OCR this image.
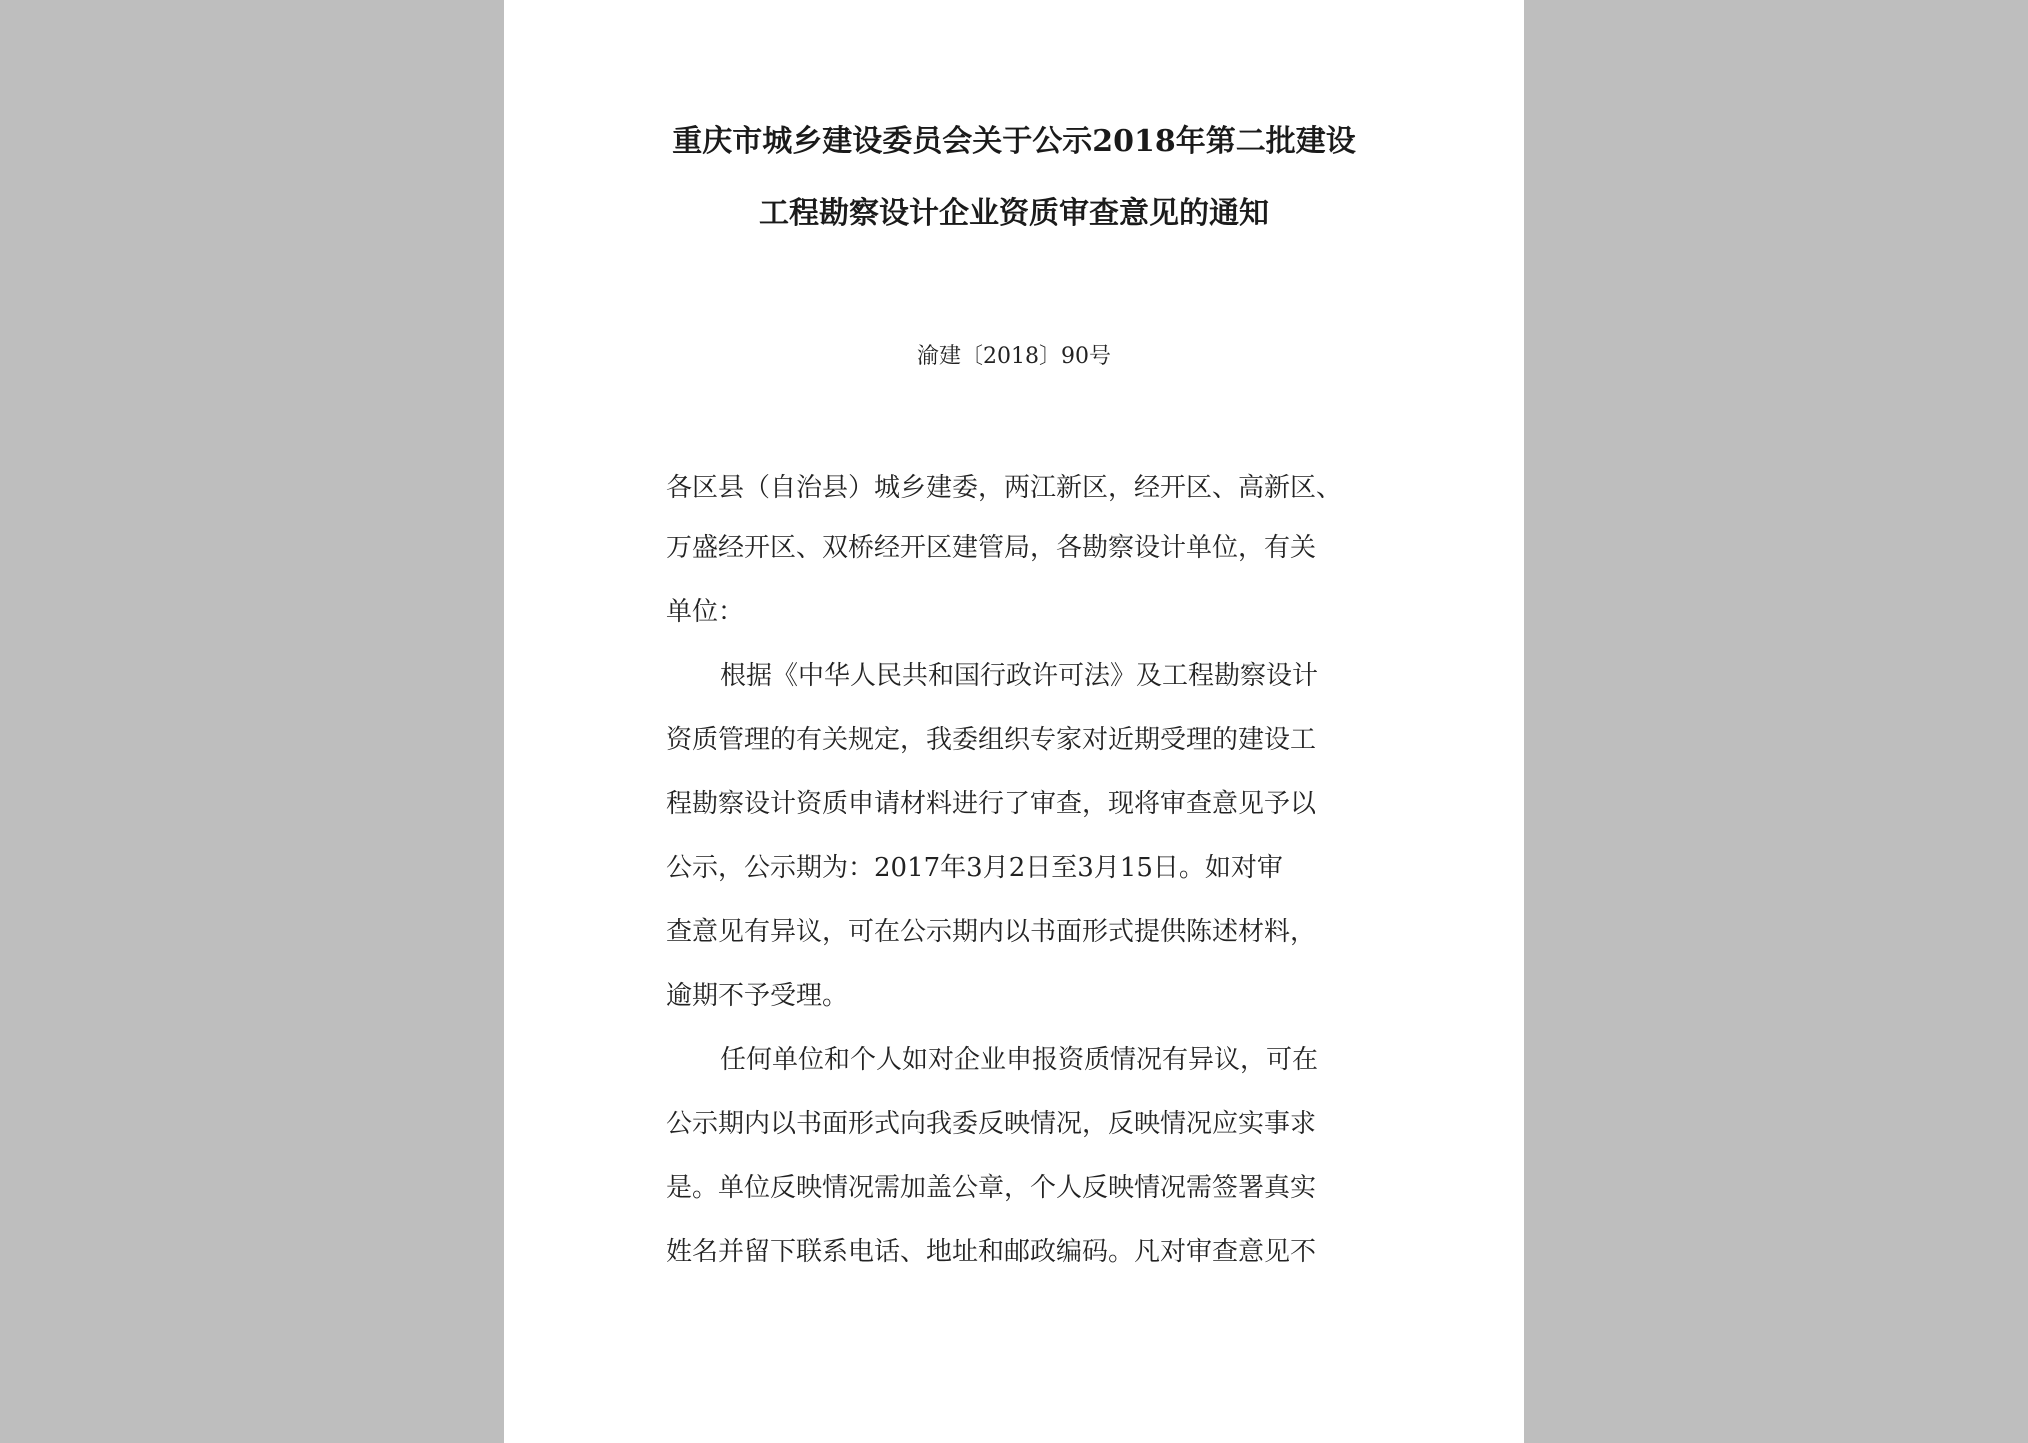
重庆市城乡建设委员会关于公示2018年第二批建设
工程勘察设计企业资质审查意见的通知
渝建〔2018〕90号
各区县（自治县）城乡建委，两江新区，经开区、高新区、
万盛经开区、双桥经开区建管局，各勘察设计单位，有关
单位：
根据《中华人民共和国行政许可法》及工程勘察设计
资质管理的有关规定，我委组织专家对近期受理的建设工
程勘察设计资质申请材料进行了审查，现将审查意见予以
公示，公示期为：2017年3月2日至3月15日。如对审
查意见有异议，可在公示期内以书面形式提供陈述材料，
逾期不予受理。
任何单位和个人如对企业申报资质情况有异议，可在
公示期内以书面形式向我委反映情况，反映情况应实事求
是。单位反映情况需加盖公章，个人反映情况需签署真实
姓名并留下联系电话、地址和邮政编码。凡对审查意见不
